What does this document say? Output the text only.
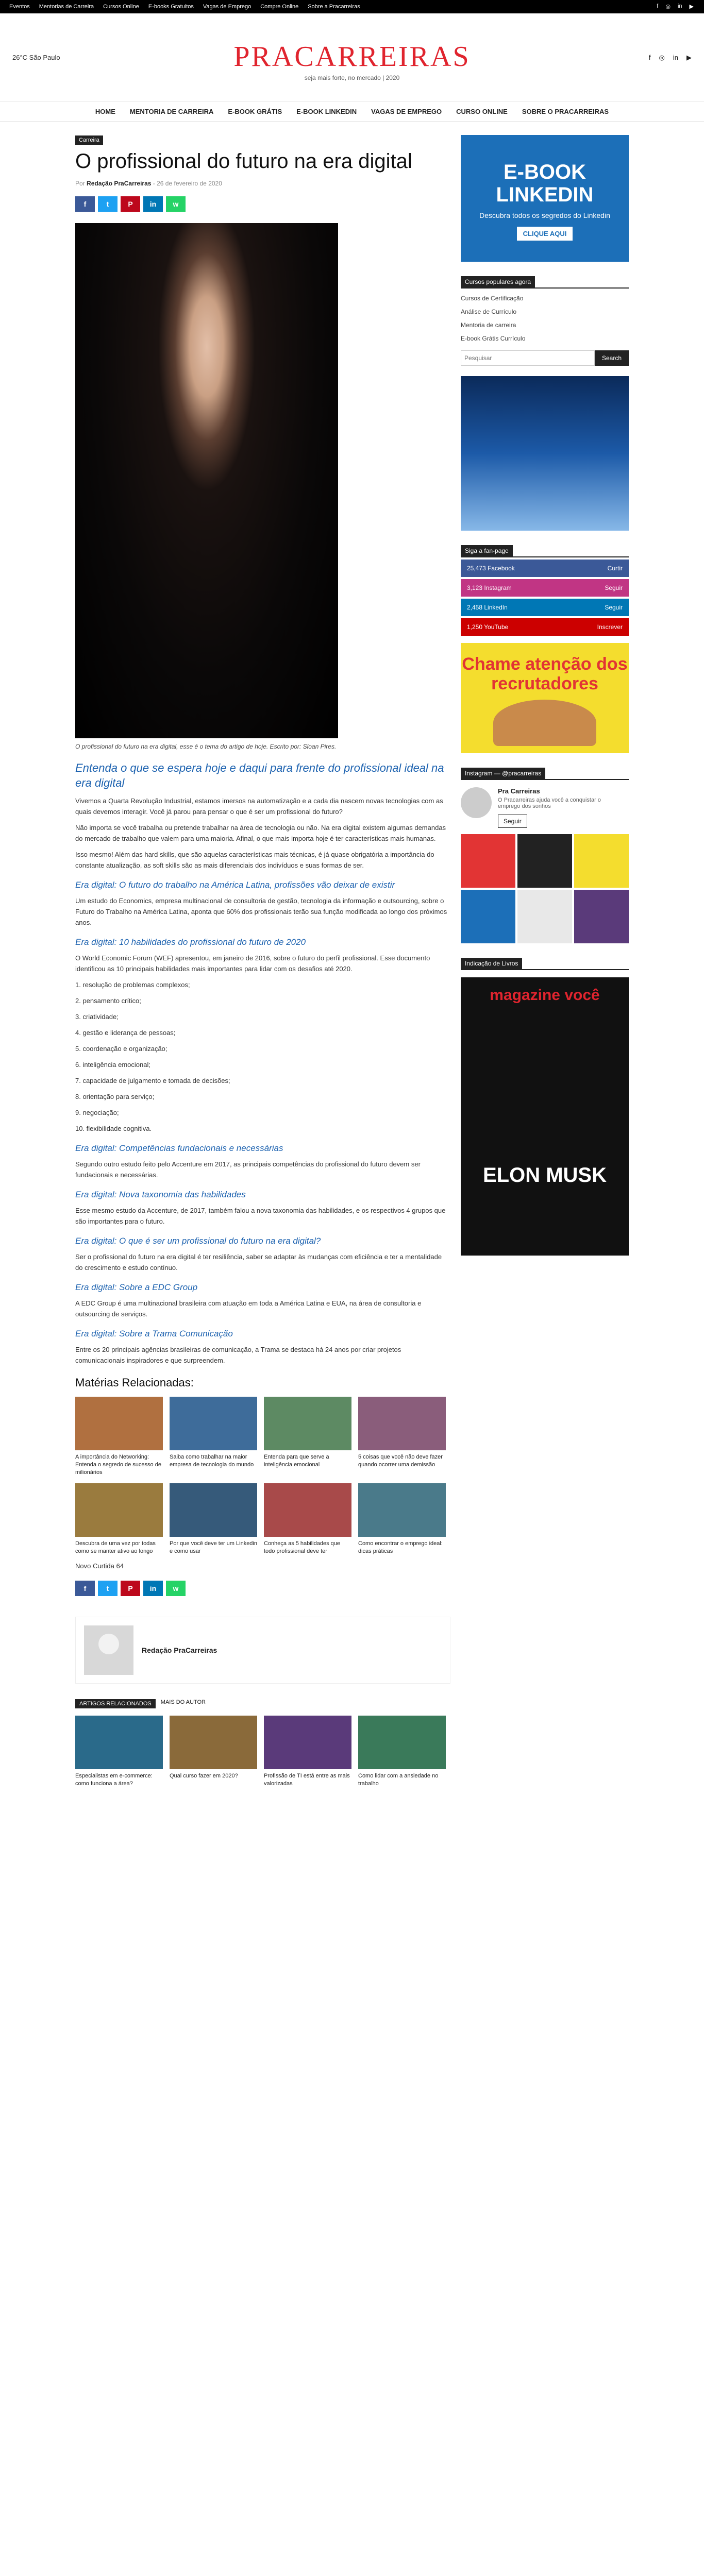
Eventos Mentorias de Carreira Cursos Online E-books Gratuitos Vagas de Emprego Compre Online Sobre a Pracarreiras	f ◎ in ▶
26°C São Paulo	PRACARREIRAS
seja mais forte, no mercado | 2020
f ◎ in ▶
HOME MENTORIA DE CARREIRA E-BOOK GRÁTIS E-BOOK LINKEDIN VAGAS DE EMPREGO CURSO ONLINE SOBRE O PRACARREIRAS
Carreira
O profissional do futuro na era digital
Por Redação PraCarreiras - 26 de fevereiro de 2020
f	t	P	in	w
O profissional do futuro na era digital, esse é o tema do artigo de hoje. Escrito por: Sloan Pires.
Entenda o que se espera hoje e daqui para frente do profissional ideal na era digital

Vivemos a Quarta Revolução Industrial, estamos imersos na automatização e a cada dia nascem novas tecnologias com as quais devemos interagir. Você já parou para pensar o que é ser um profissional do futuro?

Não importa se você trabalha ou pretende trabalhar na área de tecnologia ou não. Na era digital existem algumas demandas do mercado de trabalho que valem para uma maioria. Afinal, o que mais importa hoje é ter características mais humanas.

Isso mesmo! Além das hard skills, que são aquelas características mais técnicas, é já quase obrigatória a importância do constante atualização, as soft skills são as mais diferenciais dos indivíduos e suas formas de ser.

Era digital: O futuro do trabalho na América Latina, profissões vão deixar de existir

Um estudo do Economics, empresa multinacional de consultoria de gestão, tecnologia da informação e outsourcing, sobre o Futuro do Trabalho na América Latina, aponta que 60% dos profissionais terão sua função modificada ao longo dos próximos anos.

Era digital: 10 habilidades do profissional do futuro de 2020

O World Economic Forum (WEF) apresentou, em janeiro de 2016, sobre o futuro do perfil profissional. Esse documento identificou as 10 principais habilidades mais importantes para lidar com os desafios até 2020.

1. resolução de problemas complexos;

2. pensamento crítico;

3. criatividade;

4. gestão e liderança de pessoas;

5. coordenação e organização;

6. inteligência emocional;

7. capacidade de julgamento e tomada de decisões;

8. orientação para serviço;

9. negociação;

10. flexibilidade cognitiva.

Era digital: Competências fundacionais e necessárias

Segundo outro estudo feito pelo Accenture em 2017, as principais competências do profissional do futuro devem ser fundacionais e necessárias.

Era digital: Nova taxonomia das habilidades

Esse mesmo estudo da Accenture, de 2017, também falou a nova taxonomia das habilidades, e os respectivos 4 grupos que são importantes para o futuro.

Era digital: O que é ser um profissional do futuro na era digital?

Ser o profissional do futuro na era digital é ter resiliência, saber se adaptar às mudanças com eficiência e ter a mentalidade do crescimento e estudo contínuo.

Era digital: Sobre a EDC Group

A EDC Group é uma multinacional brasileira com atuação em toda a América Latina e EUA, na área de consultoria e outsourcing de serviços.

Era digital: Sobre a Trama Comunicação

Entre os 20 principais agências brasileiras de comunicação, a Trama se destaca há 24 anos por criar projetos comunicacionais inspiradores e que surpreendem.

Matérias Relacionadas:
A importância do Networking: Entenda o segredo de sucesso de milionários
Saiba como trabalhar na maior empresa de tecnologia do mundo
Entenda para que serve a inteligência emocional
5 coisas que você não deve fazer quando ocorrer uma demissão
Descubra de uma vez por todas como se manter ativo ao longo
Por que você deve ter um Linkedin e como usar
Conheça as 5 habilidades que todo profissional deve ter
Como encontrar o emprego ideal: dicas práticas

Novo Curtida 64

f	t	P	in	w
Redação PraCarreiras
ARTIGOS RELACIONADOS	MAIS DO AUTOR
Especialistas em e-commerce: como funciona a área?
Qual curso fazer em 2020?	Profissão de TI está entre as mais valorizadas
Como lidar com a ansiedade no trabalho
E-BOOK LINKEDIN
Descubra todos os segredos do Linkedin
CLIQUE AQUI
Cursos populares agora
Cursos de Certificação
Análise de Currículo
Mentoria de carreira
E-book Grátis Currículo
Pesquisar
Search
Siga a fan-page
25,473 Facebook	Curtir
3,123 Instagram	Seguir
2,458 LinkedIn	Seguir
1,250 YouTube	Inscrever
Chame atenção dos recrutadores
Instagram — @pracarreiras
Pra Carreiras
O Pracarreiras ajuda você a conquistar o emprego dos sonhos
Seguir
Indicação de Livros
magazine você
ELON MUSK
